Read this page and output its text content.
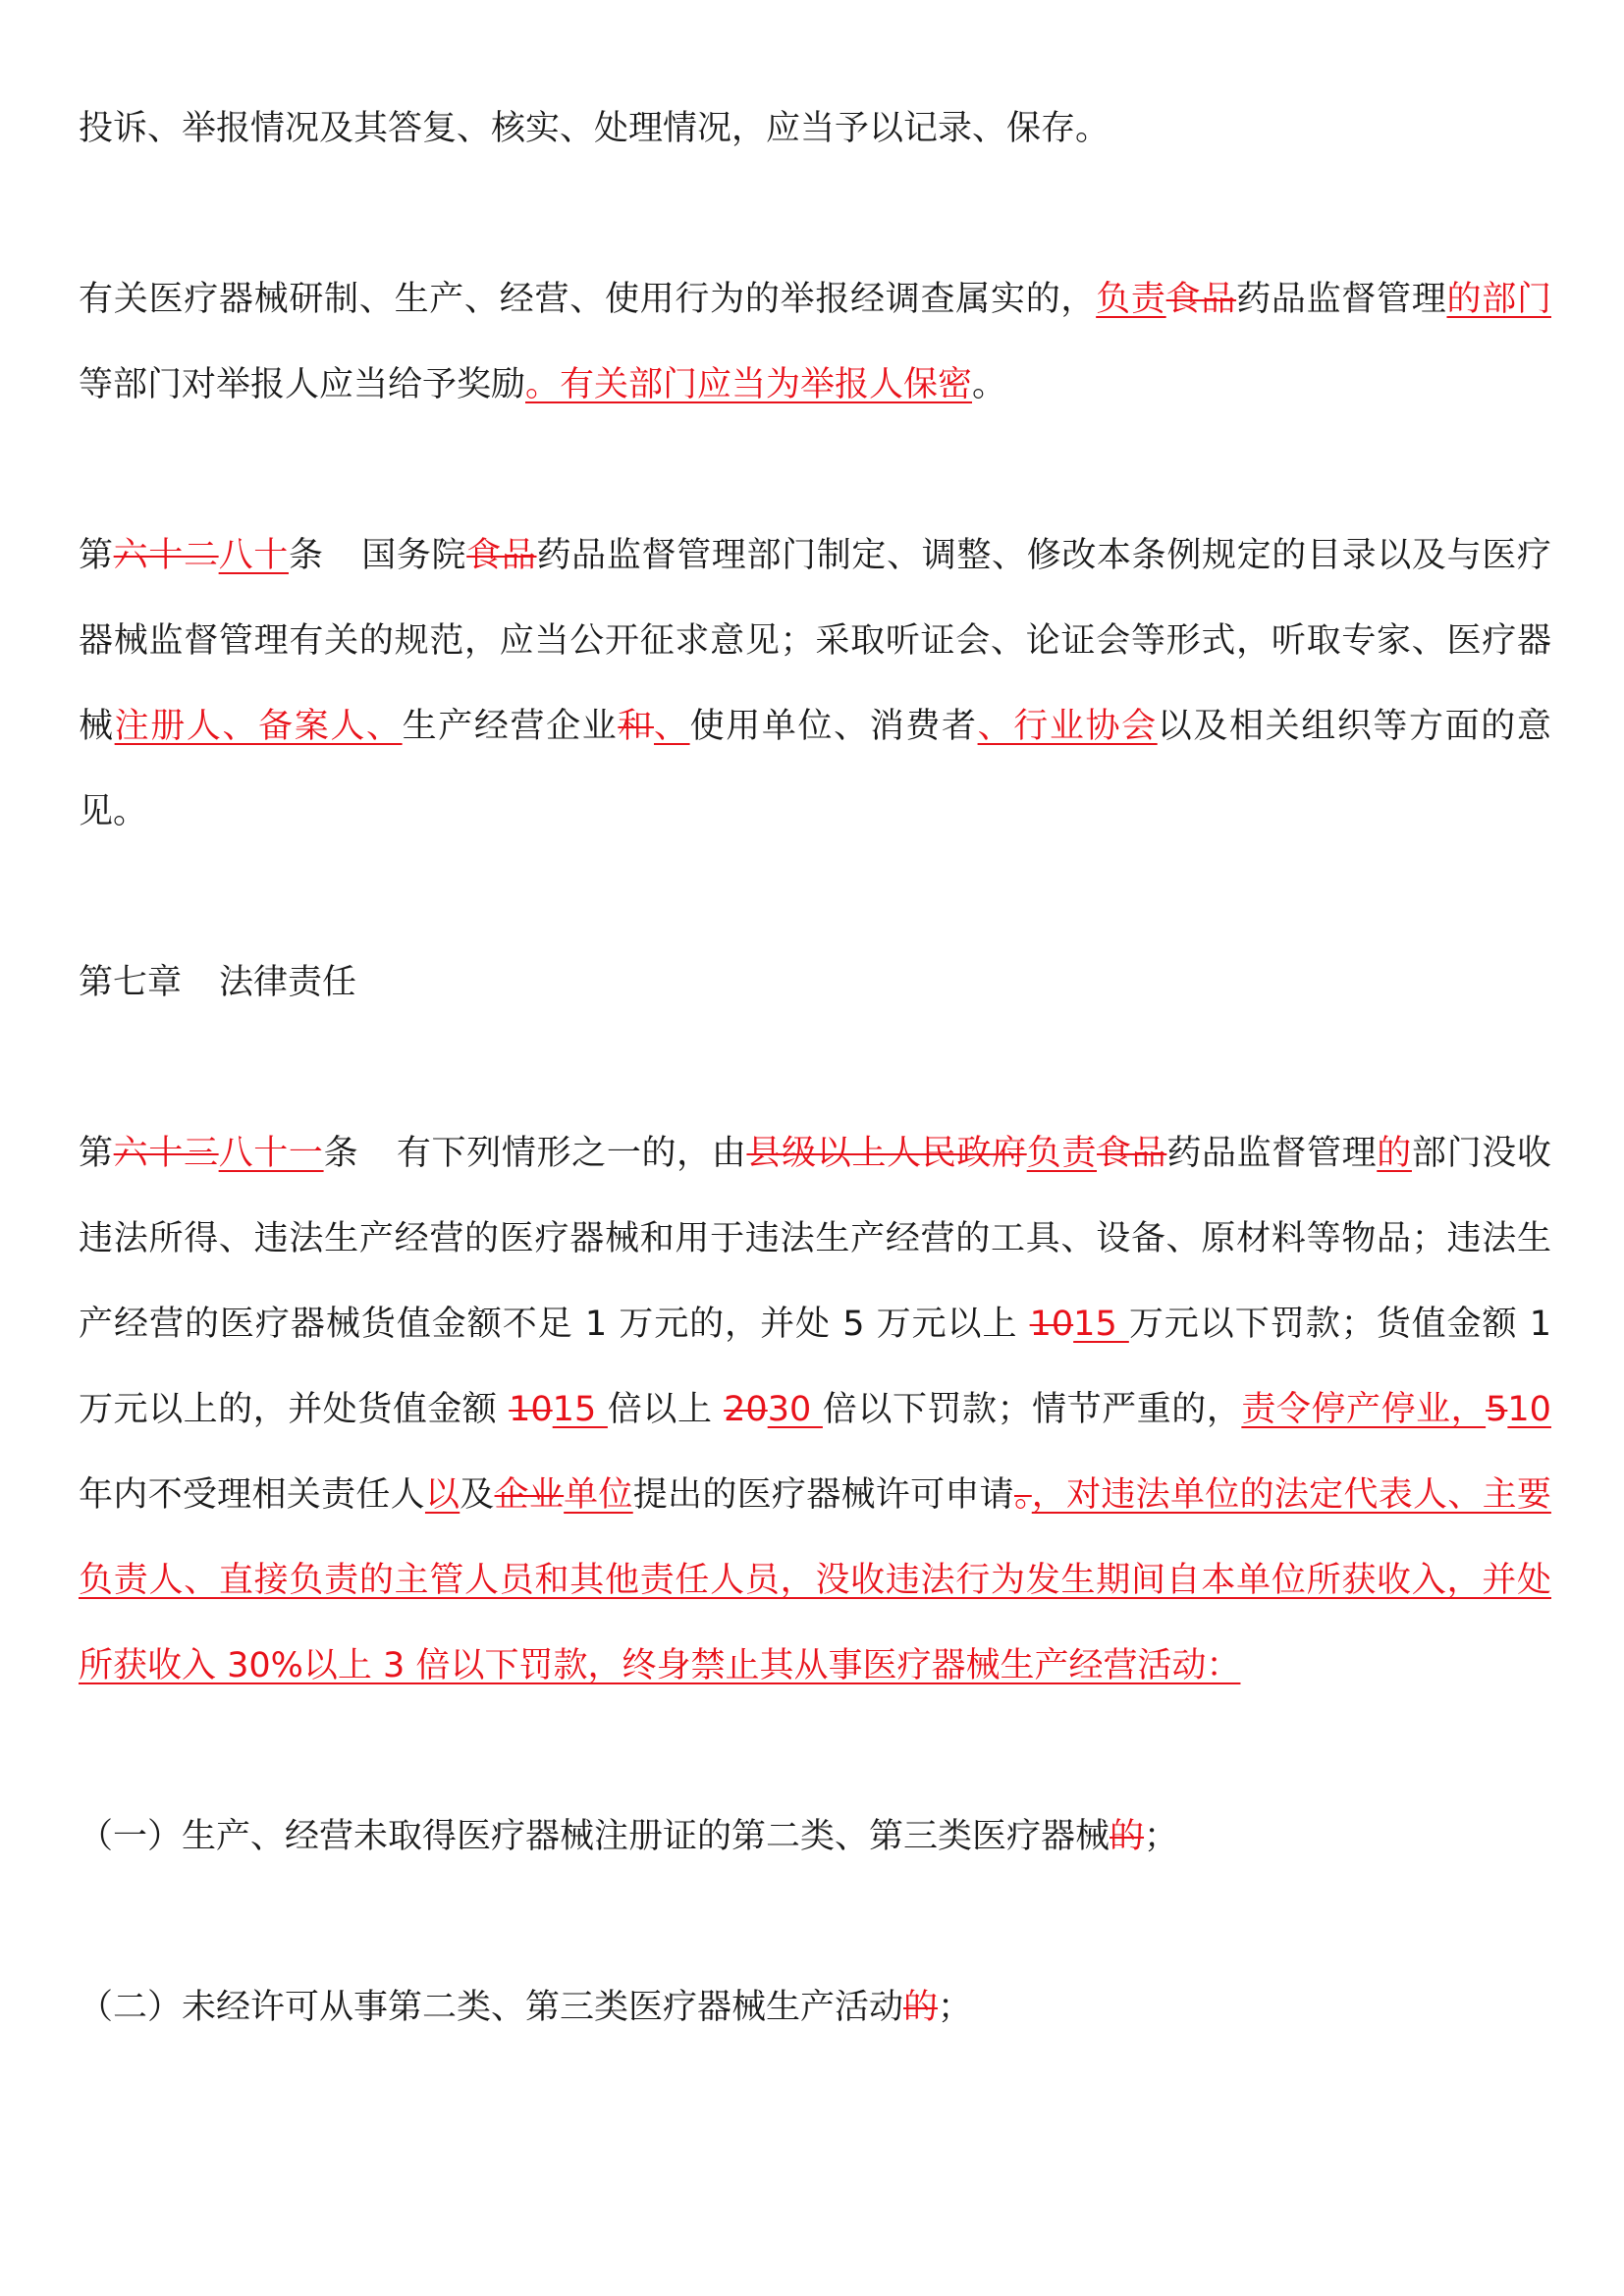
投诉、举报情况及其答复、核实、处理情况，应当予以记录、保存。

有关医疗器械研制、生产、经营、使用行为的举报经调查属实的，负责食品药品监督管理的部门等部门对举报人应当给予奖励。有关部门应当为举报人保密。

第六十二八十条 国务院食品药品监督管理部门制定、调整、修改本条例规定的目录以及与医疗器械监督管理有关的规范，应当公开征求意见；采取听证会、论证会等形式，听取专家、医疗器械注册人、备案人、生产经营企业和、使用单位、消费者、行业协会以及相关组织等方面的意见。

第七章 法律责任

第六十三八十一条 有下列情形之一的，由县级以上人民政府负责食品药品监督管理的部门没收违法所得、违法生产经营的医疗器械和用于违法生产经营的工具、设备、原材料等物品；违法生产经营的医疗器械货值金额不足 1 万元的，并处 5 万元以上 1015 万元以下罚款；货值金额 1 万元以上的，并处货值金额 1015 倍以上 2030 倍以下罚款；情节严重的，责令停产停业，510 年内不受理相关责任人以及企业单位提出的医疗器械许可申请。，对违法单位的法定代表人、主要负责人、直接负责的主管人员和其他责任人员，没收违法行为发生期间自本单位所获收入，并处所获收入 30%以上 3 倍以下罚款，终身禁止其从事医疗器械生产经营活动：

（一）生产、经营未取得医疗器械注册证的第二类、第三类医疗器械的；

（二）未经许可从事第二类、第三类医疗器械生产活动的；
